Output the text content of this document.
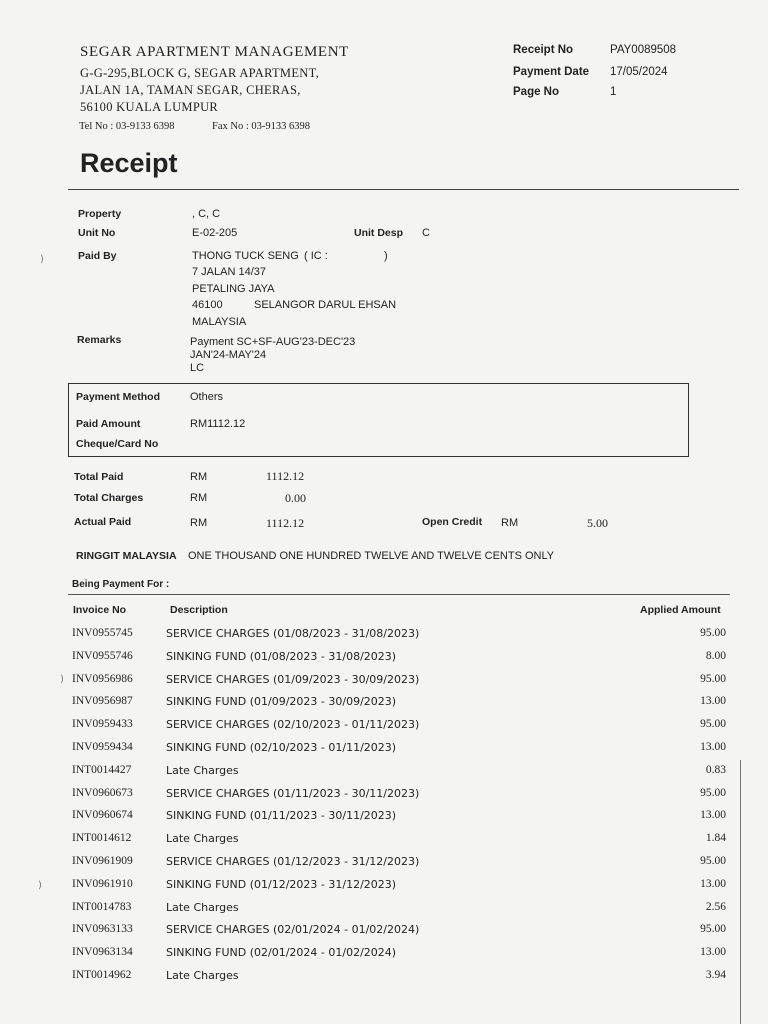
SEGAR APARTMENT MANAGEMENT
G-G-295,BLOCK G, SEGAR APARTMENT,
JALAN 1A, TAMAN SEGAR, CHERAS,
56100 KUALA LUMPUR
Tel No : 03-9133 6398	Fax No : 03-9133 6398
Receipt No	PAY0089508
Payment Date 17/05/2024
Page No	1
Receipt
Property	, C, C
Unit No	E-02-205	Unit Desp C
Paid By	THONG TUCK SENG ( IC :	)
7 JALAN 14/37
PETALING JAYA
46100	SELANGOR DARUL EHSAN
MALAYSIA
Remarks	Payment SC+SF-AUG'23-DEC'23
JAN'24-MAY'24
LC
Payment Method	Others
Paid Amount	RM1112.12
Cheque/Card No
Total Paid	RM	1112.12
Total Charges	RM	0.00
Actual Paid	RM	1112.12	Open Credit RM	5.00
RINGGIT MALAYSIA ONE THOUSAND ONE HUNDRED TWELVE AND TWELVE CENTS ONLY
Being Payment For :
Invoice No	Description	Applied Amount
INV0955745	SERVICE CHARGES (01/08/2023 - 31/08/2023)	95.00
INV0955746	SINKING FUND (01/08/2023 - 31/08/2023)	8.00
INV0956986	SERVICE CHARGES (01/09/2023 - 30/09/2023)	95.00
INV0956987	SINKING FUND (01/09/2023 - 30/09/2023)	13.00
INV0959433	SERVICE CHARGES (02/10/2023 - 01/11/2023)	95.00
INV0959434	SINKING FUND (02/10/2023 - 01/11/2023)	13.00
INT0014427	Late Charges	0.83
INV0960673	SERVICE CHARGES (01/11/2023 - 30/11/2023)	95.00
INV0960674	SINKING FUND (01/11/2023 - 30/11/2023)	13.00
INT0014612	Late Charges	1.84
INV0961909	SERVICE CHARGES (01/12/2023 - 31/12/2023)	95.00
INV0961910	SINKING FUND (01/12/2023 - 31/12/2023)	13.00
INT0014783	Late Charges	2.56
INV0963133	SERVICE CHARGES (02/01/2024 - 01/02/2024)	95.00
INV0963134	SINKING FUND (02/01/2024 - 01/02/2024)	13.00
INT0014962	Late Charges	3.94
)
)
)
